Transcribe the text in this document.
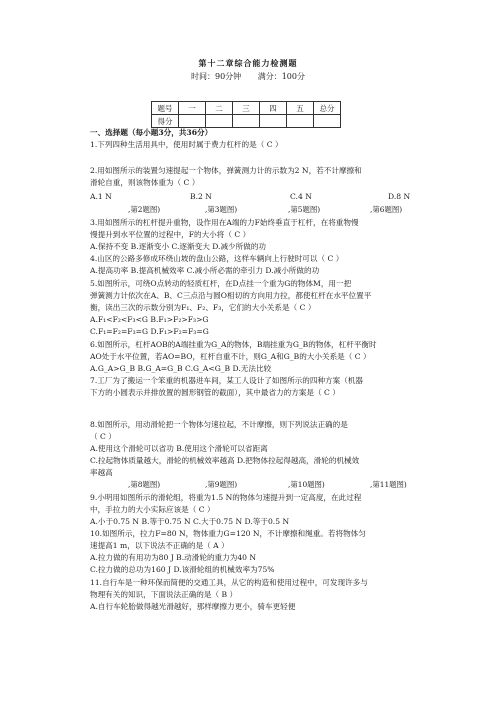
第十二章综合能力检测题
时间：90分钟 满分：100分
题号	一	二	三	四	五	总分
得分						
一、选择题（每小题3分，共36分）
1.下列四种生活用具中，使用时属于费力杠杆的是（ C ）
2.用如图所示的装置匀速提起一个物体，弹簧测力计的示数为2 N，若不计摩擦和
滑轮自重，则该物体重为（ C ）
A.1 N	B.2 N	C.4 N	D.8 N
,第2题图)	,第3题图)	,第5题图)	,第6题图)
3.用如图所示的杠杆提升重物，设作用在A端的力F始终垂直于杠杆，在将重物慢
慢提升到水平位置的过程中，F的大小将（ C ）
A.保持不变 B.逐渐变小 C.逐渐变大 D.减少所做的功
4.山区的公路多修成环绕山坡的盘山公路，这样车辆向上行驶时可以（ C ）
A.提高功率 B.提高机械效率 C.减小所必需的牵引力 D.减小所做的功
5.如图所示，可绕O点转动的轻质杠杆，在D点挂一个重为G的物体M，用一把
弹簧测力计依次在A、B、C三点沿与圆O相切的方向用力拉，都使杠杆在水平位置平
衡，读出三次的示数分别为F₁、F₂、F₃，它们的大小关系是（ C ）
A.F₁<F₂<F₃<G B.F₁>F₂>F₃>G
C.F₁=F₂=F₃=G D.F₁>F₂=F₃=G
6.如图所示，杠杆AOB的A端挂重为G_A的物体，B端挂重为G_B的物体，杠杆平衡时
AO处于水平位置，若AO=BO，杠杆自重不计，则G_A和G_B的大小关系是（ C ）
A.G_A>G_B B.G_A=G_B C.G_A<G_B D.无法比较
7.工厂为了搬运一个笨重的机器进车间，某工人设计了如图所示的四种方案（机器
下方的小圆表示并排放置的圆形钢管的截面），其中最省力的方案是（ C ）
8.如图所示，用动滑轮把一个物体匀速拉起，不计摩擦，则下列说法正确的是
（ C ）
A.使用这个滑轮可以省功 B.使用这个滑轮可以省距离
C.拉起物体质量越大，滑轮的机械效率越高 D.把物体拉起得越高，滑轮的机械效
率越高
,第8题图)	,第9题图)	,第10题图)	,第11题图)
9.小明用如图所示的滑轮组，将重为1.5 N的物体匀速提升到一定高度，在此过程
中，手拉力的大小实际应该是（ C ）
A.小于0.75 N B.等于0.75 N C.大于0.75 N D.等于0.5 N
10.如图所示，拉力F=80 N，物体重力G=120 N，不计摩擦和绳重。若将物体匀
速提高1 m，以下说法不正确的是（ A ）
A.拉力做的有用功为80 J B.动滑轮的重力为40 N
C.拉力做的总功为160 J D.该滑轮组的机械效率为75%
11.自行车是一种环保而简便的交通工具，从它的构造和使用过程中，可发现许多与
物理有关的知识，下面说法正确的是（ B ）
A.自行车轮胎做得越光滑越好，那样摩擦力更小，骑车更轻便
